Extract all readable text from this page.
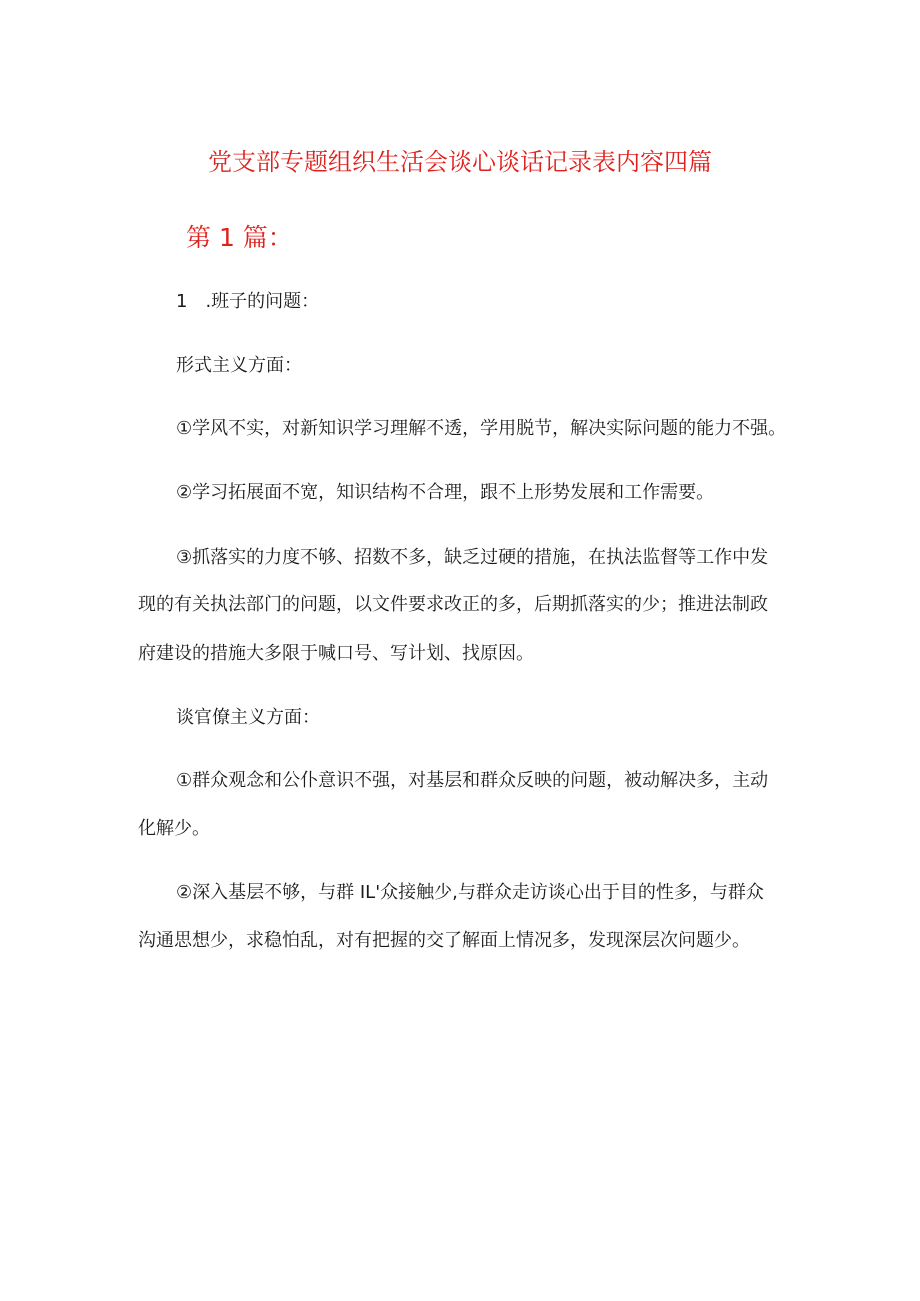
党支部专题组织生活会谈心谈话记录表内容四篇
第 1 篇：
1　.班子的问题：
形式主义方面：
①学风不实，对新知识学习理解不透，学用脱节，解决实际问题的能力不强。
②学习拓展面不宽，知识结构不合理，跟不上形势发展和工作需要。
③抓落实的力度不够、招数不多，缺乏过硬的措施，在执法监督等工作中发
现的有关执法部门的问题，以文件要求改正的多，后期抓落实的少；推进法制政
府建设的措施大多限于喊口号、写计划、找原因。
谈官僚主义方面：
①群众观念和公仆意识不强，对基层和群众反映的问题，被动解决多，主动
化解少。
②深入基层不够，与群 IL'众接触少,与群众走访谈心出于目的性多，与群众
沟通思想少，求稳怕乱，对有把握的交了解面上情况多，发现深层次问题少。
